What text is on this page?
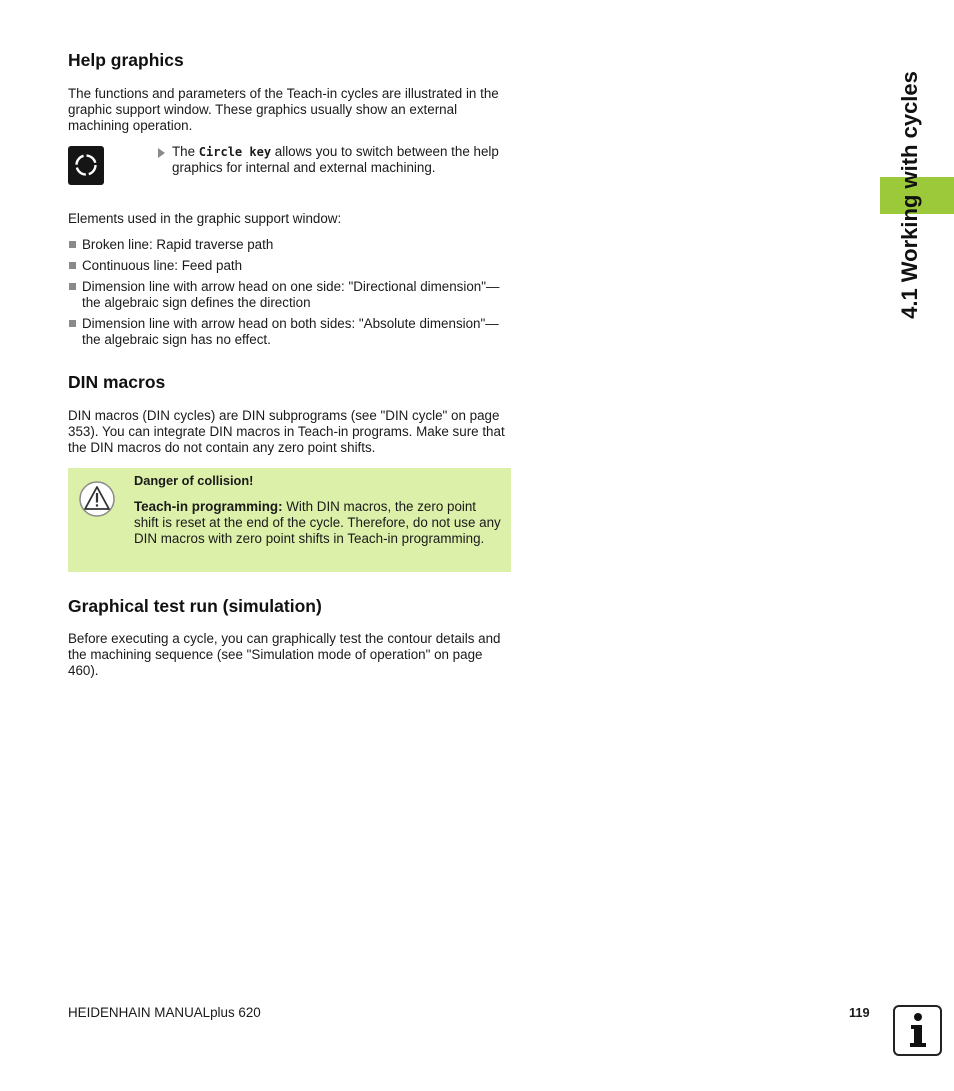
Help graphics

The functions and parameters of the Teach-in cycles are illustrated in the graphic support window. These graphics usually show an external machining operation.

The Circle key allows you to switch between the help graphics for internal and external machining.

Elements used in the graphic support window:

Broken line: Rapid traverse path
Continuous line: Feed path
Dimension line with arrow head on one side: "Directional dimension"—the algebraic sign defines the direction
Dimension line with arrow head on both sides: "Absolute dimension"—the algebraic sign has no effect.
DIN macros

DIN macros (DIN cycles) are DIN subprograms (see "DIN cycle" on page 353). You can integrate DIN macros in Teach-in programs. Make sure that the DIN macros do not contain any zero point shifts.

Danger of collision!

Teach-in programming: With DIN macros, the zero point shift is reset at the end of the cycle. Therefore, do not use any DIN macros with zero point shifts in Teach-in programming.

Graphical test run (simulation)

Before executing a cycle, you can graphically test the contour details and the machining sequence (see "Simulation mode of operation" on page 460).

4.1 Working with cycles
HEIDENHAIN MANUALplus 620	119
